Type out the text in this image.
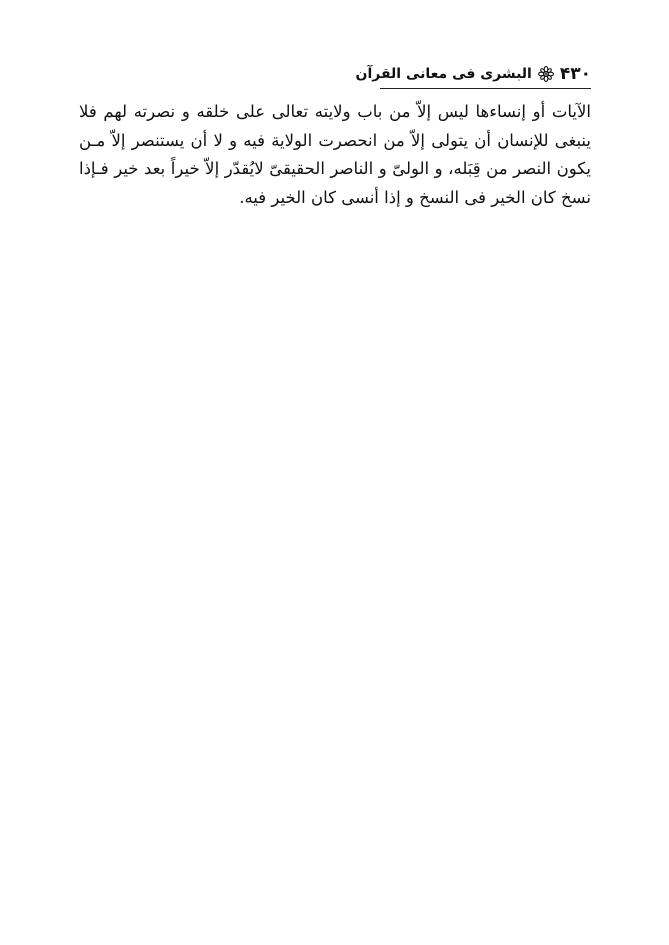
۴۳۰
البشری فی معانی القرآن
الآیات أو إنساءها لیس إلاّ من باب ولایته تعالی علی خلقه و نصرته لهم فلا
ینبغی للإنسان أن یتولی إلاّ من انحصرت الولایة فیه و لا أن یستنصر إلاّ مـن
یکون النصر من قِبَله، و الولیّ و الناصر الحقیقیّ لایُقدّر إلاّ خیراً بعد خیر فـإذا
نسخ کان الخیر فی النسخ و إذا أنسی کان الخیر فیه.
